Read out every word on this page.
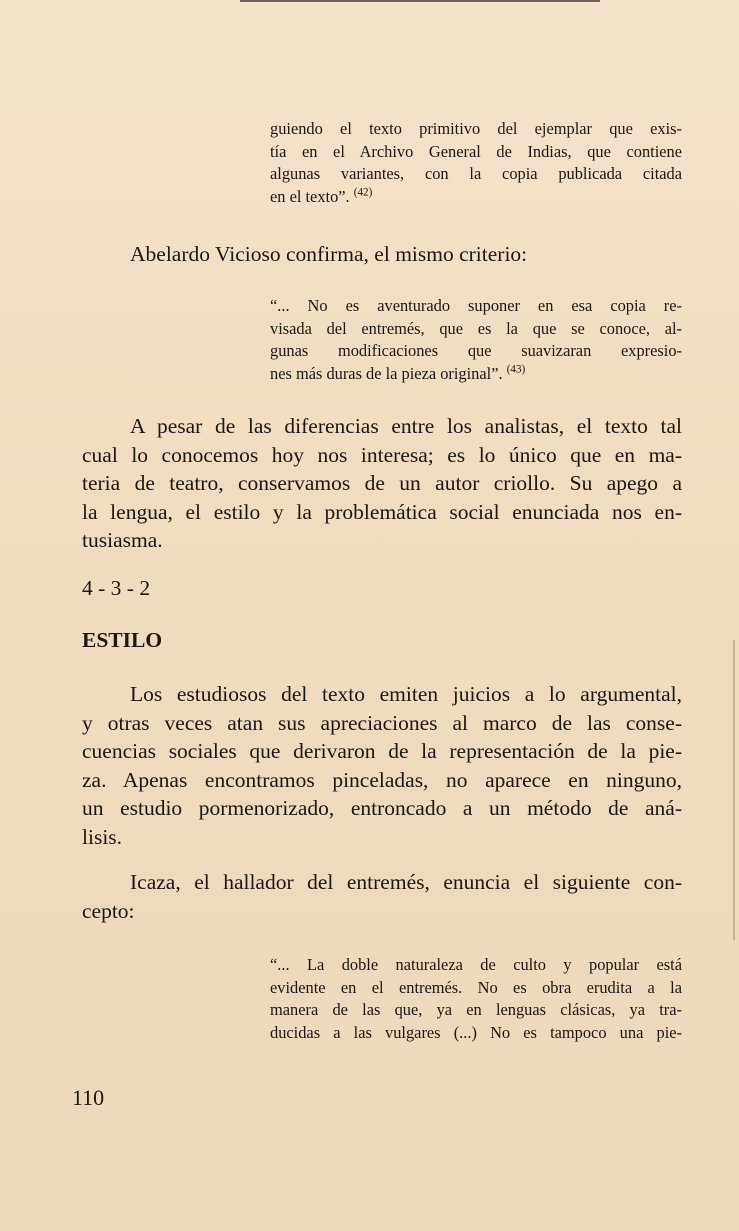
guiendo el texto primitivo del ejemplar que exis-
tía en el Archivo General de Indias, que contiene
algunas variantes, con la copia publicada citada
en el texto”. $^{(42)}$
Abelardo Vicioso confirma, el mismo criterio:
“... No es aventurado suponer en esa copia re-
visada del entremés, que es la que se conoce, al-
gunas modificaciones que suavizaran expresio-
nes más duras de la pieza original”. $^{(43)}$
A pesar de las diferencias entre los analistas, el texto tal
cual lo conocemos hoy nos interesa; es lo único que en ma-
teria de teatro, conservamos de un autor criollo. Su apego a
la lengua, el estilo y la problemática social enunciada nos en-
tusiasma.
4 - 3 - 2
ESTILO
Los estudiosos del texto emiten juicios a lo argumental,
y otras veces atan sus apreciaciones al marco de las conse-
cuencias sociales que derivaron de la representación de la pie-
za. Apenas encontramos pinceladas, no aparece en ninguno,
un estudio pormenorizado, entroncado a un método de aná-
lisis.
Icaza, el hallador del entremés, enuncia el siguiente con-
cepto:
“... La doble naturaleza de culto y popular está
evidente en el entremés. No es obra erudita a la
manera de las que, ya en lenguas clásicas, ya tra-
ducidas a las vulgares (...) No es tampoco una pie-
110
